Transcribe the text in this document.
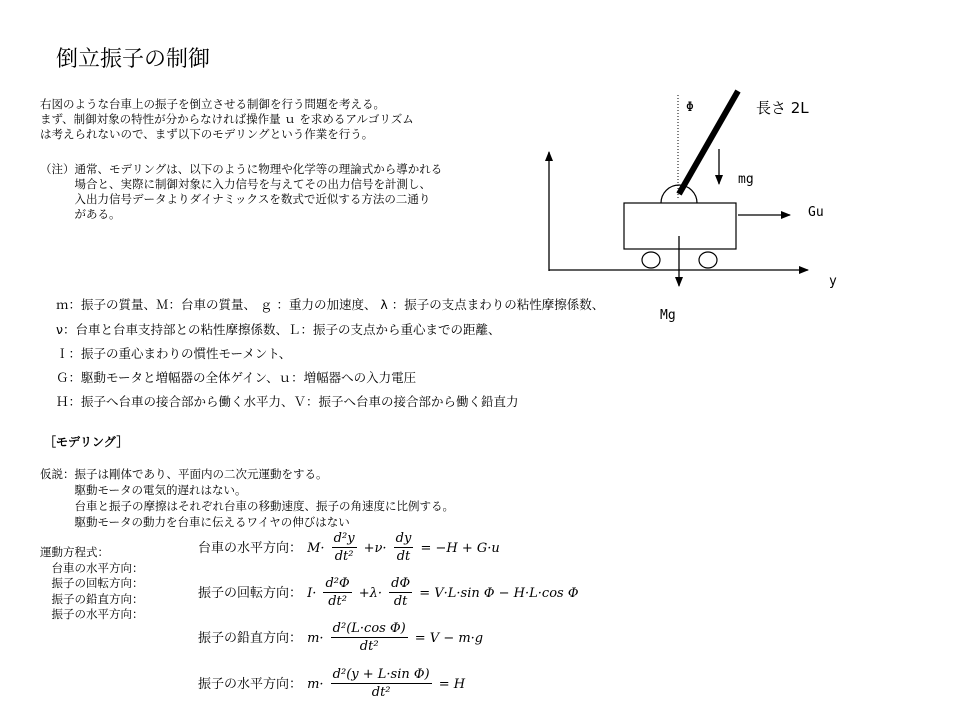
倒立振子の制御
右図のような台車上の振子を倒立させる制御を行う問題を考える。
まず、制御対象の特性が分からなければ操作量 ｕ を求めるアルゴリズム
は考えられないので、まず以下のモデリングという作業を行う。
（注）通常、モデリングは、以下のように物理や化学等の理論式から導かれる
　　　場合と、実際に制御対象に入力信号を与えてその出力信号を計測し、
　　　入出力信号データよりダイナミックスを数式で近似する方法の二通り
　　　がある。
ｍ：振子の質量、Ｍ：台車の質量、 ｇ ：重力の加速度、 λ ：振子の支点まわりの粘性摩擦係数、
ν：台車と台車支持部との粘性摩擦係数、Ｌ：振子の支点から重心までの距離、
Ｉ：振子の重心まわりの慣性モーメント、
Ｇ：駆動モータと増幅器の全体ゲイン、ｕ：増幅器への入力電圧
Ｈ：振子へ台車の接合部から働く水平力、Ｖ：振子へ台車の接合部から働く鉛直力
［モデリング］
仮説：振子は剛体であり、平面内の二次元運動をする。
　　　駆動モータの電気的遅れはない。
　　　台車と振子の摩擦はそれぞれ台車の移動速度、振子の角速度に比例する。
　　　駆動モータの動力を台車に伝えるワイヤの伸びはない
運動方程式：
　台車の水平方向：
　振子の回転方向：
　振子の鉛直方向：
　振子の水平方向：
台車の水平方向： $M\cdot \frac{\text{d²y}}{\text{dt²}} +\nu\cdot \frac{dy}{dt} = -H + G\cdot u$
振子の回転方向： $I\cdot \frac{\text{d²Φ}}{\text{dt²}} +\lambda\cdot \frac{d\Phi}{dt} = V\cdot L\cdot\sin$ Φ − H·L·cos Φ
振子の鉛直方向： $m\cdot \frac{\text{d²(L·cos Φ)}}{\text{dt²}} = V - m\cdot g$
振子の水平方向： $m\cdot \frac{\text{d²(y + L·sin Φ)}}{\text{dt²}} = H$
Φ	長さ 2L
mg
Gu
y
Mg
